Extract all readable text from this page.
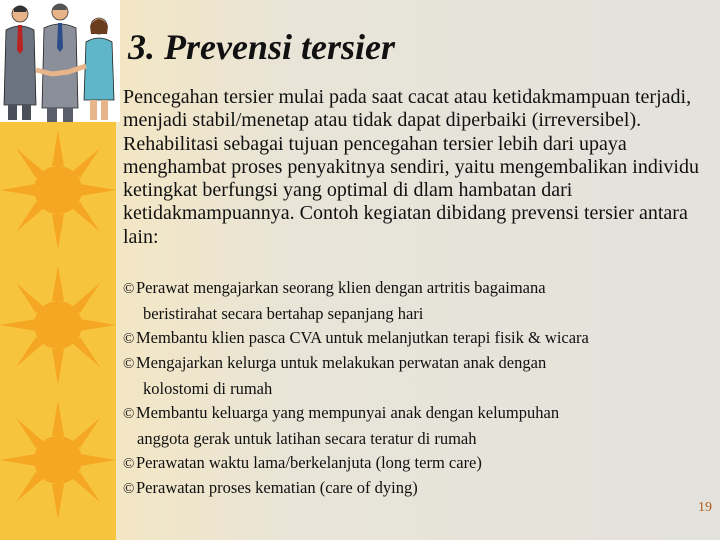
3. Prevensi tersier

Pencegahan tersier mulai pada saat cacat atau ketidakmampuan terjadi, menjadi stabil/menetap atau tidak dapat diperbaiki (irreversibel). Rehabilitasi sebagai tujuan pencegahan tersier lebih dari upaya menghambat proses penyakitnya sendiri, yaitu mengembalikan individu ketingkat berfungsi yang optimal di dlam hambatan dari ketidakmampuannya. Contoh kegiatan dibidang prevensi tersier antara lain:

©Perawat mengajarkan seorang klien dengan artritis bagaimana
beristirahat secara bertahap sepanjang hari
©Membantu klien pasca CVA untuk melanjutkan terapi fisik & wicara
©Mengajarkan kelurga untuk melakukan perwatan anak dengan
kolostomi di rumah
©Membantu keluarga yang mempunyai anak dengan kelumpuhan
anggota gerak untuk latihan secara teratur di rumah
©Perawatan waktu lama/berkelanjuta (long term care)
©Perawatan proses kematian (care of dying)
19
